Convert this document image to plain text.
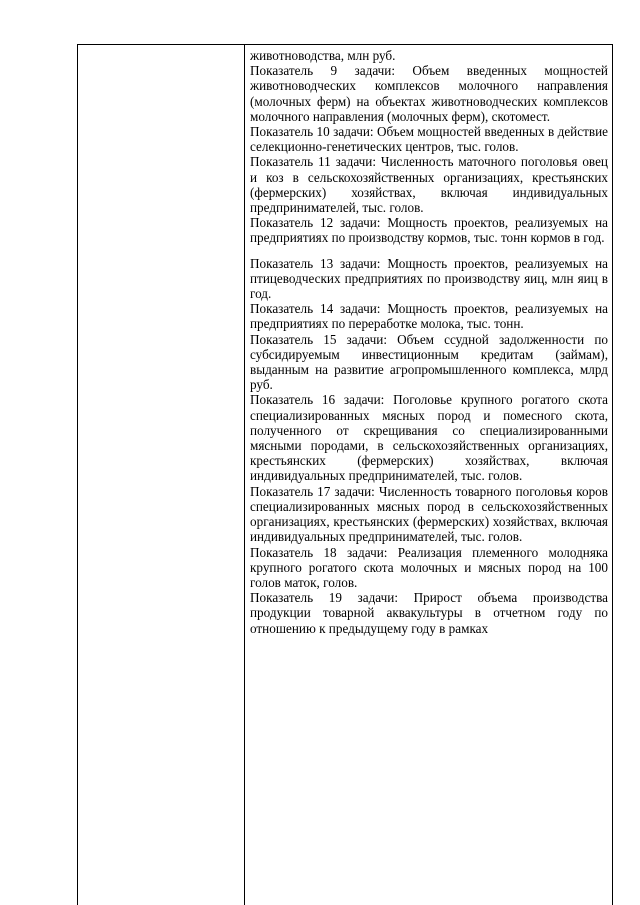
животноводства, млн руб.

Показатель 9 задачи: Объем введенных мощностей животноводческих комплексов молочного направления (молочных ферм) на объектах животноводческих комплексов молочного направления (молочных ферм), скотомест.

Показатель 10 задачи: Объем мощностей введенных в действие селекционно-генетических центров, тыс. голов.

Показатель 11 задачи: Численность маточного поголовья овец и коз в сельскохозяйственных организациях, крестьянских (фермерских) хозяйствах, включая индивидуальных предпринимателей, тыс. голов.

Показатель 12 задачи: Мощность проектов, реализуемых на предприятиях по производству кормов, тыс. тонн кормов в год.

Показатель 13 задачи: Мощность проектов, реализуемых на птицеводческих предприятиях по производству яиц, млн яиц в год.

Показатель 14 задачи: Мощность проектов, реализуемых на предприятиях по переработке молока, тыс. тонн.

Показатель 15 задачи: Объем ссудной задолженности по субсидируемым инвестиционным кредитам (займам), выданным на развитие агропромышленного комплекса, млрд руб.

Показатель 16 задачи: Поголовье крупного рогатого скота специализированных мясных пород и помесного скота, полученного от скрещивания со специализированными мясными породами, в сельскохозяйственных организациях, крестьянских (фермерских) хозяйствах, включая индивидуальных предпринимателей, тыс. голов.

Показатель 17 задачи: Численность товарного поголовья коров специализированных мясных пород в сельскохозяйственных организациях, крестьянских (фермерских) хозяйствах, включая индивидуальных предпринимателей, тыс. голов.

Показатель 18 задачи: Реализация племенного молодняка крупного рогатого скота молочных и мясных пород на 100 голов маток, голов.

Показатель 19 задачи: Прирост объема производства продукции товарной аквакультуры в отчетном году по отношению к предыдущему году в рамках
